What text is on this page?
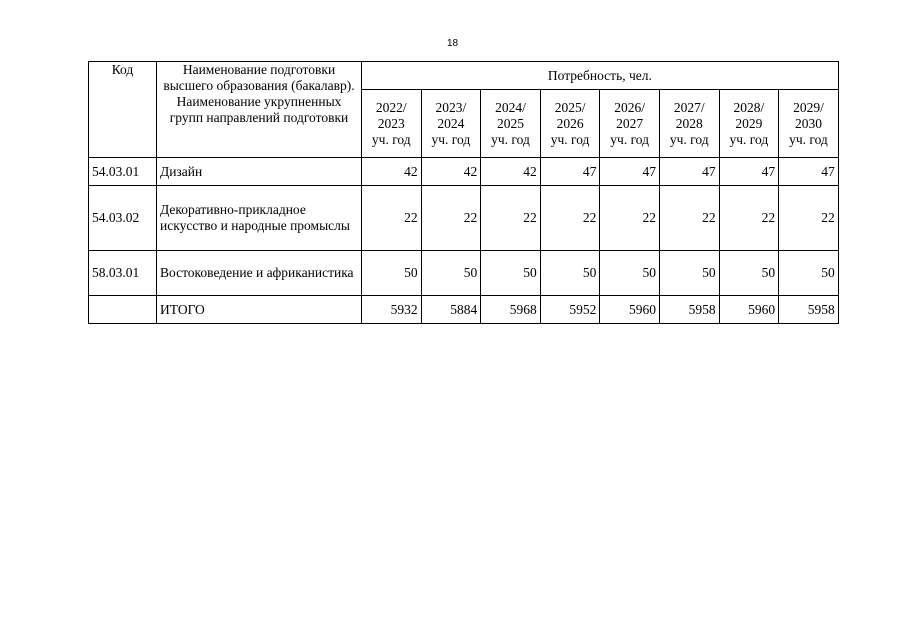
18
Код	Наименование подготовки высшего образования (бакалавр). Наименование укрупненных групп направлений подготовки	Потребность, чел.							

		2022/
2023
уч. год	2023/
2024
уч. год	2024/
2025
уч. год	2025/
2026
уч. год	2026/
2027
уч. год	2027/
2028
уч. год	2028/
2029
уч. год	2029/
2030
уч. год

54.03.01	Дизайн	42	42	42	47	47	47	47	47
54.03.02	Декоративно-прикладное искусство и народные промыслы	22	22	22	22	22	22	22	22
58.03.01	Востоковедение и африканистика	50	50	50	50	50	50	50	50
	ИТОГО	5932	5884	5968	5952	5960	5958	5960	5958
